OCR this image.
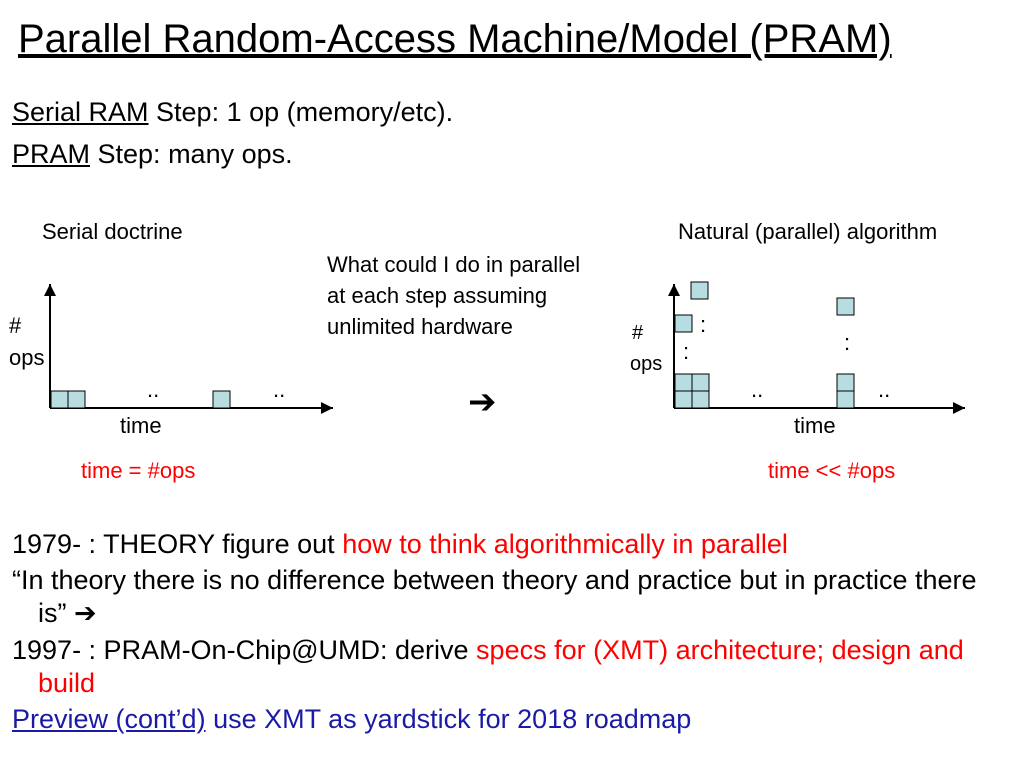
Parallel Random-Access Machine/Model (PRAM)
Serial RAM Step: 1 op (memory/etc).
PRAM Step: many ops.
Serial doctrine
#
ops
..	..
time
time = #ops
What could I do in parallel
at each step assuming
unlimited hardware
➔
Natural (parallel) algorithm
#
ops
:
:	:
..	..
time
time << #ops

1979- : THEORY figure out how to think algorithmically in parallel

“In theory there is no difference between theory and practice but in practice there is” ➔

1997- : PRAM-On-Chip@UMD: derive specs for (XMT) architecture; design and build

Preview (cont’d) use XMT as yardstick for 2018 roadmap
